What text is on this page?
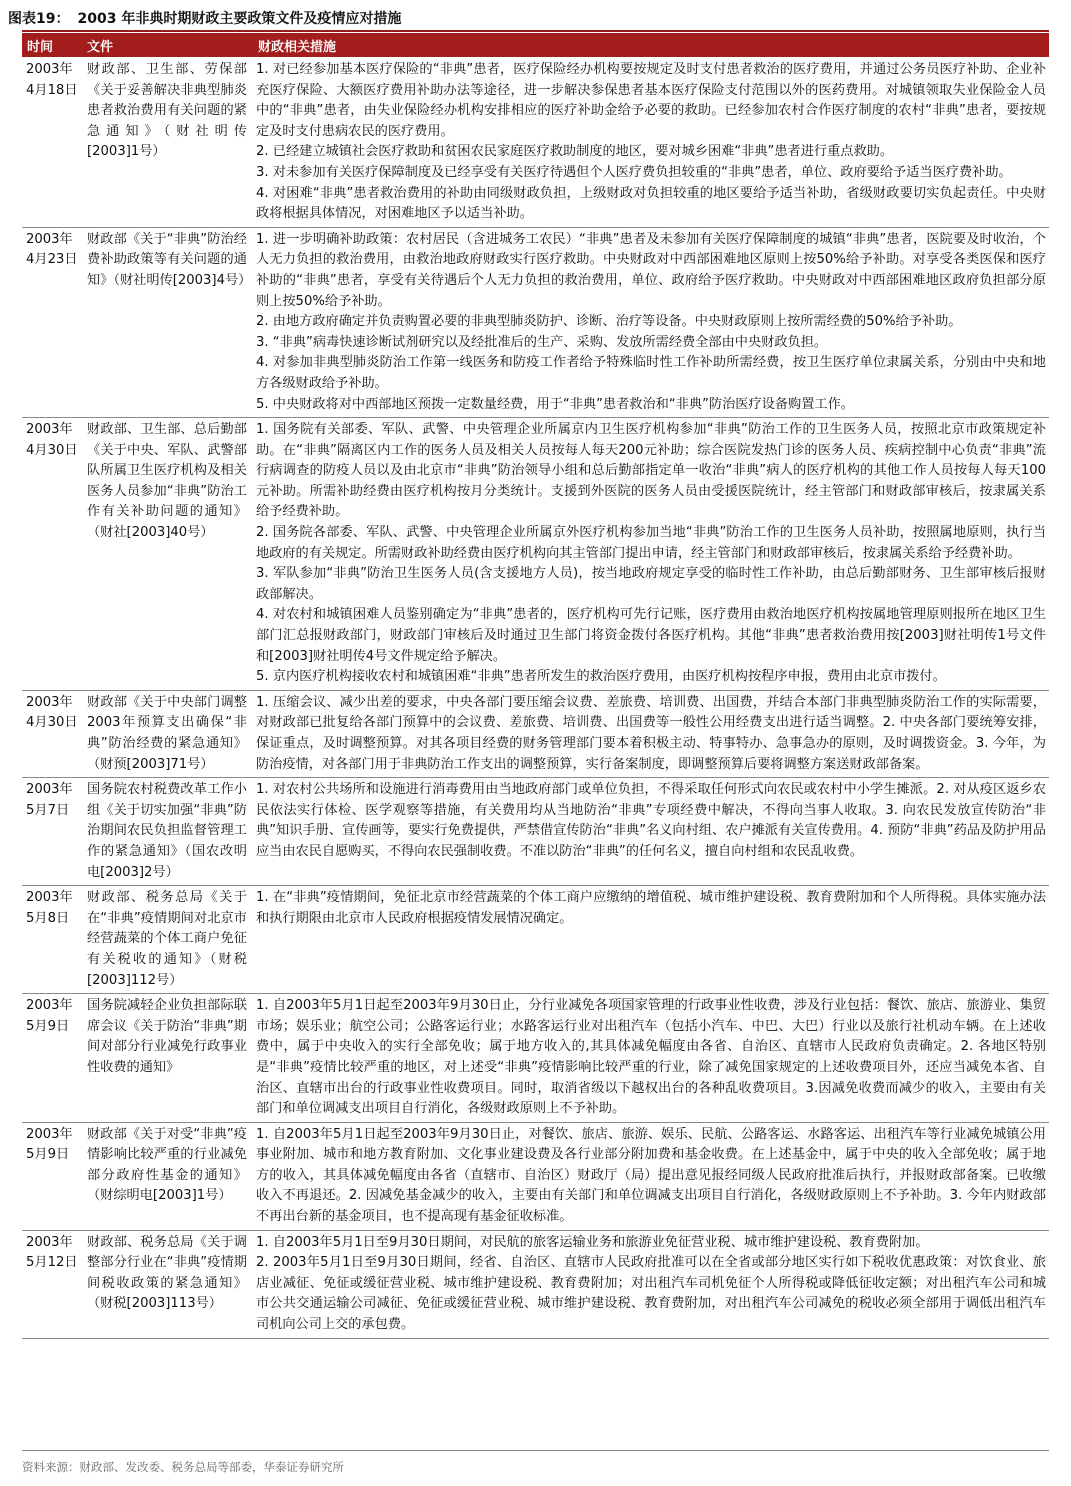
图表19： 2003 年非典时期财政主要政策文件及疫情应对措施
时间	文件	财政相关措施
2003年4月18日
财政部、卫生部、劳保部《关于妥善解决非典型肺炎患者救治费用有关问题的紧急通知》（财社明传[2003]1号）

1. 对已经参加基本医疗保险的“非典”患者，医疗保险经办机构要按规定及时支付患者救治的医疗费用，并通过公务员医疗补助、企业补充医疗保险、大额医疗费用补助办法等途径，进一步解决参保患者基本医疗保险支付范围以外的医药费用。对城镇领取失业保险金人员中的“非典”患者，由失业保险经办机构安排相应的医疗补助金给予必要的救助。已经参加农村合作医疗制度的农村“非典”患者，要按规定及时支付患病农民的医疗费用。

2. 已经建立城镇社会医疗救助和贫困农民家庭医疗救助制度的地区，要对城乡困难“非典”患者进行重点救助。

3. 对未参加有关医疗保障制度及已经享受有关医疗待遇但个人医疗费负担较重的“非典”患者，单位、政府要给予适当医疗费补助。

4. 对困难“非典”患者救治费用的补助由同级财政负担，上级财政对负担较重的地区要给予适当补助，省级财政要切实负起责任。中央财政将根据具体情况，对困难地区予以适当补助。

2003年4月23日
财政部《关于“非典”防治经费补助政策等有关问题的通知》（财社明传[2003]4号）

1. 进一步明确补助政策：农村居民（含进城务工农民）“非典”患者及未参加有关医疗保障制度的城镇“非典”患者，医院要及时收治，个人无力负担的救治费用，由救治地政府财政实行医疗救助。中央财政对中西部困难地区原则上按50%给予补助。对享受各类医保和医疗补助的“非典”患者，享受有关待遇后个人无力负担的救治费用，单位、政府给予医疗救助。中央财政对中西部困难地区政府负担部分原则上按50%给予补助。

2. 由地方政府确定并负责购置必要的非典型肺炎防护、诊断、治疗等设备。中央财政原则上按所需经费的50%给予补助。

3. “非典”病毒快速诊断试剂研究以及经批准后的生产、采购、发放所需经费全部由中央财政负担。

4. 对参加非典型肺炎防治工作第一线医务和防疫工作者给予特殊临时性工作补助所需经费，按卫生医疗单位隶属关系，分别由中央和地方各级财政给予补助。

5. 中央财政将对中西部地区预拨一定数量经费，用于“非典”患者救治和“非典”防治医疗设备购置工作。

2003年4月30日
财政部、卫生部、总后勤部《关于中央、军队、武警部队所属卫生医疗机构及相关医务人员参加“非典”防治工作有关补助问题的通知》（财社[2003]40号）

1. 国务院有关部委、军队、武警、中央管理企业所属京内卫生医疗机构参加“非典”防治工作的卫生医务人员，按照北京市政策规定补助。在“非典”隔离区内工作的医务人员及相关人员按每人每天200元补助；综合医院发热门诊的医务人员、疾病控制中心负责“非典”流行病调查的防疫人员以及由北京市“非典”防治领导小组和总后勤部指定单一收治“非典”病人的医疗机构的其他工作人员按每人每天100元补助。所需补助经费由医疗机构按月分类统计。支援到外医院的医务人员由受援医院统计，经主管部门和财政部审核后，按隶属关系给予经费补助。

2. 国务院各部委、军队、武警、中央管理企业所属京外医疗机构参加当地“非典”防治工作的卫生医务人员补助，按照属地原则，执行当地政府的有关规定。所需财政补助经费由医疗机构向其主管部门提出申请，经主管部门和财政部审核后，按隶属关系给予经费补助。

3. 军队参加“非典”防治卫生医务人员(含支援地方人员)，按当地政府规定享受的临时性工作补助，由总后勤部财务、卫生部审核后报财政部解决。

4. 对农村和城镇困难人员鉴别确定为“非典”患者的，医疗机构可先行记账，医疗费用由救治地医疗机构按属地管理原则报所在地区卫生部门汇总报财政部门，财政部门审核后及时通过卫生部门将资金拨付各医疗机构。其他“非典”患者救治费用按[2003]财社明传1号文件和[2003]财社明传4号文件规定给予解决。

5. 京内医疗机构接收农村和城镇困难“非典”患者所发生的救治医疗费用，由医疗机构按程序申报，费用由北京市拨付。

2003年4月30日
财政部《关于中央部门调整2003年预算支出确保“非典”防治经费的紧急通知》（财预[2003]71号）

1. 压缩会议、减少出差的要求，中央各部门要压缩会议费、差旅费、培训费、出国费，并结合本部门非典型肺炎防治工作的实际需要，对财政部已批复给各部门预算中的会议费、差旅费、培训费、出国费等一般性公用经费支出进行适当调整。2. 中央各部门要统筹安排，保证重点，及时调整预算。对其各项目经费的财务管理部门要本着积极主动、特事特办、急事急办的原则，及时调拨资金。3. 今年，为防治疫情，对各部门用于非典防治工作支出的调整预算，实行备案制度，即调整预算后要将调整方案送财政部备案。

2003年5月7日
国务院农村税费改革工作小组《关于切实加强“非典”防治期间农民负担监督管理工作的紧急通知》（国农改明电[2003]2号）

1. 对农村公共场所和设施进行消毒费用由当地政府部门或单位负担，不得采取任何形式向农民或农村中小学生摊派。2. 对从疫区返乡农民依法实行体检、医学观察等措施，有关费用均从当地防治“非典”专项经费中解决，不得向当事人收取。3. 向农民发放宣传防治“非典”知识手册、宣传画等，要实行免费提供，严禁借宣传防治“非典”名义向村组、农户摊派有关宣传费用。4. 预防“非典”药品及防护用品应当由农民自愿购买，不得向农民强制收费。不准以防治“非典”的任何名义，擅自向村组和农民乱收费。

2003年5月8日
财政部、税务总局《关于在“非典”疫情期间对北京市经营蔬菜的个体工商户免征有关税收的通知》（财税[2003]112号）

1. 在“非典”疫情期间，免征北京市经营蔬菜的个体工商户应缴纳的增值税、城市维护建设税、教育费附加和个人所得税。具体实施办法和执行期限由北京市人民政府根据疫情发展情况确定。

2003年5月9日
国务院减轻企业负担部际联席会议《关于防治“非典”期间对部分行业减免行政事业性收费的通知》

1. 自2003年5月1日起至2003年9月30日止，分行业减免各项国家管理的行政事业性收费，涉及行业包括：餐饮、旅店、旅游业、集贸市场；娱乐业；航空公司；公路客运行业；水路客运行业对出租汽车（包括小汽车、中巴、大巴）行业以及旅行社机动车辆。在上述收费中，属于中央收入的实行全部免收；属于地方收入的,其具体减免幅度由各省、自治区、直辖市人民政府负责确定。2. 各地区特别是“非典”疫情比较严重的地区，对上述受“非典”疫情影响比较严重的行业，除了减免国家规定的上述收费项目外，还应当减免本省、自治区、直辖市出台的行政事业性收费项目。同时，取消省级以下越权出台的各种乱收费项目。3.因减免收费而减少的收入，主要由有关部门和单位调减支出项目自行消化，各级财政原则上不予补助。

2003年5月9日
财政部《关于对受“非典”疫情影响比较严重的行业减免部分政府性基金的通知》（财综明电[2003]1号）

1. 自2003年5月1日起至2003年9月30日止，对餐饮、旅店、旅游、娱乐、民航、公路客运、水路客运、出租汽车等行业减免城镇公用事业附加、城市和地方教育附加、文化事业建设费及各行业部分附加费和基金收费。在上述基金中，属于中央的收入全部免收；属于地方的收入，其具体减免幅度由各省（直辖市、自治区）财政厅（局）提出意见报经同级人民政府批准后执行，并报财政部备案。已收缴收入不再退还。2. 因减免基金减少的收入，主要由有关部门和单位调减支出项目自行消化，各级财政原则上不予补助。3. 今年内财政部不再出台新的基金项目，也不提高现有基金征收标准。

2003年5月12日
财政部、税务总局《关于调整部分行业在“非典”疫情期间税收政策的紧急通知》（财税[2003]113号）

1. 自2003年5月1日至9月30日期间，对民航的旅客运输业务和旅游业免征营业税、城市维护建设税、教育费附加。

2. 2003年5月1日至9月30日期间，经省、自治区、直辖市人民政府批准可以在全省或部分地区实行如下税收优惠政策：对饮食业、旅店业减征、免征或缓征营业税、城市维护建设税、教育费附加；对出租汽车司机免征个人所得税或降低征收定额；对出租汽车公司和城市公共交通运输公司减征、免征或缓征营业税、城市维护建设税、教育费附加，对出租汽车公司减免的税收必须全部用于调低出租汽车司机向公司上交的承包费。

资料来源：财政部、发改委、税务总局等部委，华泰证券研究所
